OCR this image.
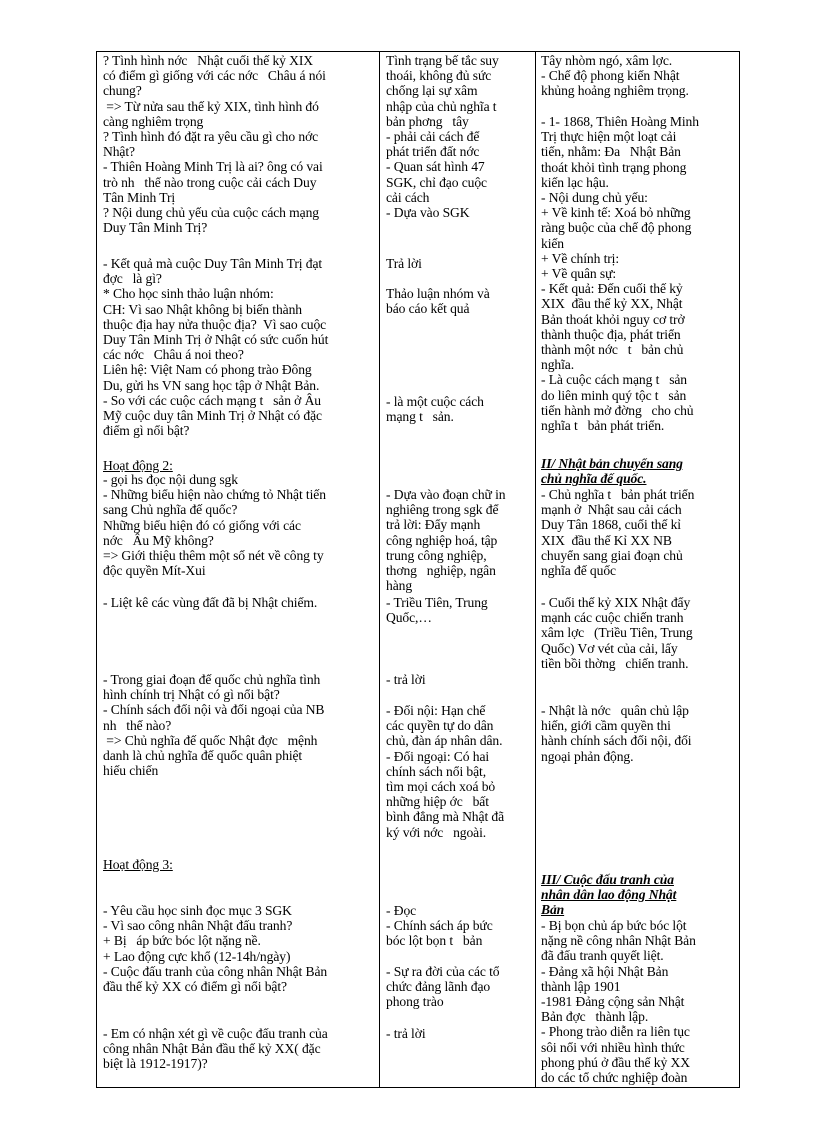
? Tình hình nớc   Nhật cuối thế kỷ XIX

có điểm gì giống với các nớc   Châu á nói

chung?

=> Từ nửa sau thế kỷ XIX, tình hình đó

càng nghiêm trọng

? Tình hình đó đặt ra yêu cầu gì cho nớc

Nhật?

- Thiên Hoàng Minh Trị là ai? ông có vai

trò nh   thế nào trong cuộc cải cách Duy

Tân Minh Trị

? Nội dung chủ yếu của cuộc cách mạng

Duy Tân Minh Trị?

- Kết quả mà cuộc Duy Tân Minh Trị đạt

đợc   là gì?

* Cho học sinh thảo luận nhóm:

CH: Vì sao Nhật không bị biến thành

thuộc địa hay nửa thuộc địa?  Vì sao cuộc

Duy Tân Minh Trị ở Nhật có sức cuốn hút

các nớc   Châu á noi theo?

Liên hệ: Việt Nam có phong trào Đông

Du, gửi hs VN sang học tập ở Nhật Bản.

- So với các cuộc cách mạng t   sản ở Âu

Mỹ cuộc duy tân Minh Trị ở Nhật có đặc

điểm gì nổi bật?

Hoạt động 2:

- gọi hs đọc nội dung sgk

- Những biểu hiện nào chứng tỏ Nhật tiến

sang Chủ nghĩa đế quốc?

Những biểu hiện đó có giống với các

nớc   Âu Mỹ không?

=> Giới thiệu thêm một số nét về công ty

độc quyền Mít-Xui

- Liệt kê các vùng đất đã bị Nhật chiếm.

- Trong giai đoạn đế quốc chủ nghĩa tình

hình chính trị Nhật có gì nổi bật?

- Chính sách đối nội và đối ngoại của NB

nh   thế nào?

=> Chủ nghĩa đế quốc Nhật đợc   mệnh

danh là chủ nghĩa đế quốc quân phiệt

hiếu chiến

Hoạt động 3:

- Yêu cầu học sinh đọc mục 3 SGK

- Vì sao công nhân Nhật đấu tranh?

+ Bị   áp bức bóc lột nặng nề.

+ Lao động cực khổ (12-14h/ngày)

- Cuộc đấu tranh của công nhân Nhật Bản

đầu thế kỷ XX có điểm gì nổi bật?

- Em có nhận xét gì về cuộc đấu tranh của

công nhân Nhật Bản đầu thế kỷ XX( đặc

biệt là 1912-1917)?

Tình trạng bế tắc suy

thoái, không đủ sức

chống lại sự xâm

nhập của chủ nghĩa t

bản phơng   tây

- phải cải cách để

phát triển đất nớc

- Quan sát hình 47

SGK, chỉ đạo cuộc

cải cách

- Dựa vào SGK

Trả lời

Thảo luận nhóm và

báo cáo kết quả

- là một cuộc cách

mạng t   sản.

- Dựa vào đoạn chữ in

nghiêng trong sgk để

trả lời: Đẩy mạnh

công nghiệp hoá, tập

trung công nghiệp,

thơng   nghiệp, ngân

hàng

- Triều Tiên, Trung

Quốc,…

- trả lời

- Đối nội: Hạn chế

các quyền tự do dân

chủ, đàn áp nhân dân.

- Đối ngoại: Có hai

chính sách nổi bật,

tìm mọi cách xoá bỏ

những hiệp ớc   bất

bình đẳng mà Nhật đã

ký với nớc   ngoài.

- Đọc

- Chính sách áp bức

bóc lột bọn t   bản

- Sự ra đời của các tổ

chức đảng lãnh đạo

phong trào

- trả lời

Tây nhòm ngó, xâm lợc.

- Chế độ phong kiến Nhật

khủng hoảng nghiêm trọng.

- 1- 1868, Thiên Hoàng Minh

Trị thực hiện một loạt cải

tiến, nhằm: Đa   Nhật Bản

thoát khỏi tình trạng phong

kiến lạc hậu.

- Nội dung chủ yếu:

+ Về kinh tế: Xoá bỏ những

ràng buộc của chế độ phong

kiến

+ Về chính trị:

+ Về quân sự:

- Kết quả: Đến cuối thế kỷ

XIX  đầu thế kỷ XX, Nhật

Bản thoát khỏi nguy cơ trở

thành thuộc địa, phát triển

thành một nớc   t   bản chủ

nghĩa.

- Là cuộc cách mạng t   sản

do liên minh quý tộc t   sản

tiến hành mở đờng   cho chủ

nghĩa t   bản phát triển.

II/ Nhật bản chuyển sang

chủ nghĩa đế quốc.

- Chủ nghĩa t   bản phát triển

mạnh ở  Nhật sau cải cách

Duy Tân 1868, cuối thế kỉ

XIX  đầu thế Kỉ XX NB

chuyển sang giai đoạn chủ

nghĩa đế quốc

- Cuối thế kỷ XIX Nhật đẩy

mạnh các cuộc chiến tranh

xâm lợc   (Triều Tiên, Trung

Quốc) Vơ vét của cải, lấy

tiền bồi thờng   chiến tranh.

- Nhật là nớc   quân chủ lập

hiến, giới cầm quyền thi

hành chính sách đối nội, đối

ngoại phản động.

III/ Cuộc đấu tranh của

nhân dân lao động Nhật

Bản

- Bị bọn chủ áp bức bóc lột

nặng nề công nhân Nhật Bản

đã đấu tranh quyết liệt.

- Đảng xã hội Nhật Bản

thành lập 1901

-1981 Đảng cộng sản Nhật

Bản đợc   thành lập.

- Phong trào diễn ra liên tục

sôi nổi với nhiều hình thức

phong phú ở đầu thế kỷ XX

do các tổ chức nghiệp đoàn
